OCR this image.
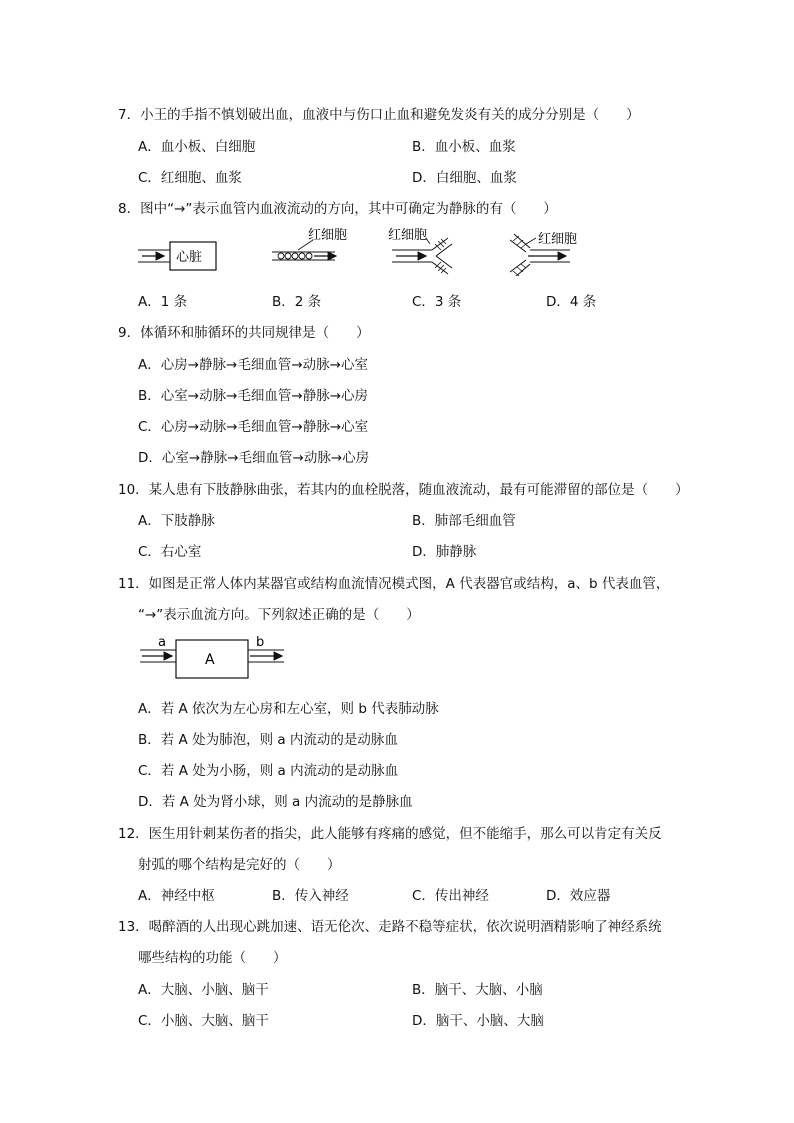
7．小王的手指不慎划破出血，血液中与伤口止血和避免发炎有关的成分分别是（　　）
A．血小板、白细胞	B．血小板、血浆
C．红细胞、血浆	D．白细胞、血浆
8．图中“→”表示血管内血液流动的方向，其中可确定为静脉的有（　　）
心脏
红细胞	红细胞	红细胞
A．1 条	B．2 条	C．3 条	D．4 条
9．体循环和肺循环的共同规律是（　　）
A．心房→静脉→毛细血管→动脉→心室
B．心室→动脉→毛细血管→静脉→心房
C．心房→动脉→毛细血管→静脉→心室
D．心室→静脉→毛细血管→动脉→心房
10．某人患有下肢静脉曲张，若其内的血栓脱落，随血液流动，最有可能滞留的部位是（　　）
A．下肢静脉	B．肺部毛细血管
C．右心室	D．肺静脉
11．如图是正常人体内某器官或结构血流情况模式图，A 代表器官或结构，a、b 代表血管，
“→”表示血流方向。下列叙述正确的是（　　）
a
A
b
A．若 A 依次为左心房和左心室，则 b 代表肺动脉
B．若 A 处为肺泡，则 a 内流动的是动脉血
C．若 A 处为小肠，则 a 内流动的是动脉血
D．若 A 处为肾小球，则 a 内流动的是静脉血
12．医生用针刺某伤者的指尖，此人能够有疼痛的感觉，但不能缩手，那么可以肯定有关反
射弧的哪个结构是完好的（　　）
A．神经中枢	B．传入神经	C．传出神经	D．效应器
13．喝醉酒的人出现心跳加速、语无伦次、走路不稳等症状，依次说明酒精影响了神经系统
哪些结构的功能（　　）
A．大脑、小脑、脑干	B．脑干、大脑、小脑
C．小脑、大脑、脑干	D．脑干、小脑、大脑
